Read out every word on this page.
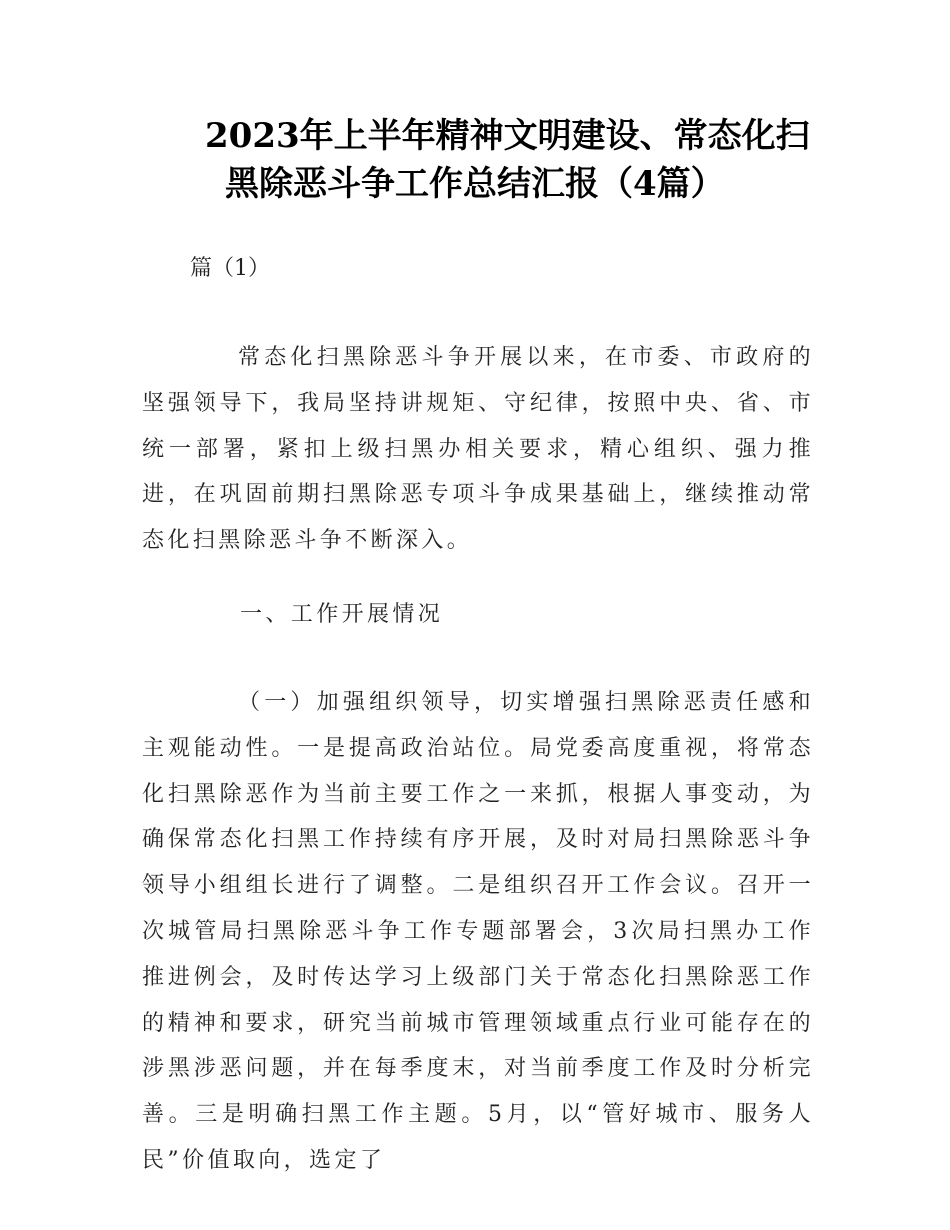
2023年上半年精神文明建设、常态化扫
黑除恶斗争工作总结汇报（4篇）
篇（1）

常态化扫黑除恶斗争开展以来，在市委、市政府的坚强领导下，我局坚持讲规矩、守纪律，按照中央、省、市统一部署，紧扣上级扫黑办相关要求，精心组织、强力推进，在巩固前期扫黑除恶专项斗争成果基础上，继续推动常态化扫黑除恶斗争不断深入。

一、工作开展情况

（一）加强组织领导，切实增强扫黑除恶责任感和主观能动性。一是提高政治站位。局党委高度重视，将常态化扫黑除恶作为当前主要工作之一来抓，根据人事变动，为确保常态化扫黑工作持续有序开展，及时对局扫黑除恶斗争领导小组组长进行了调整。二是组织召开工作会议。召开一次城管局扫黑除恶斗争工作专题部署会，3次局扫黑办工作推进例会，及时传达学习上级部门关于常态化扫黑除恶工作的精神和要求，研究当前城市管理领域重点行业可能存在的涉黑涉恶问题，并在每季度末，对当前季度工作及时分析完善。三是明确扫黑工作主题。5月，以“管好城市、服务人民”价值取向，选定了
